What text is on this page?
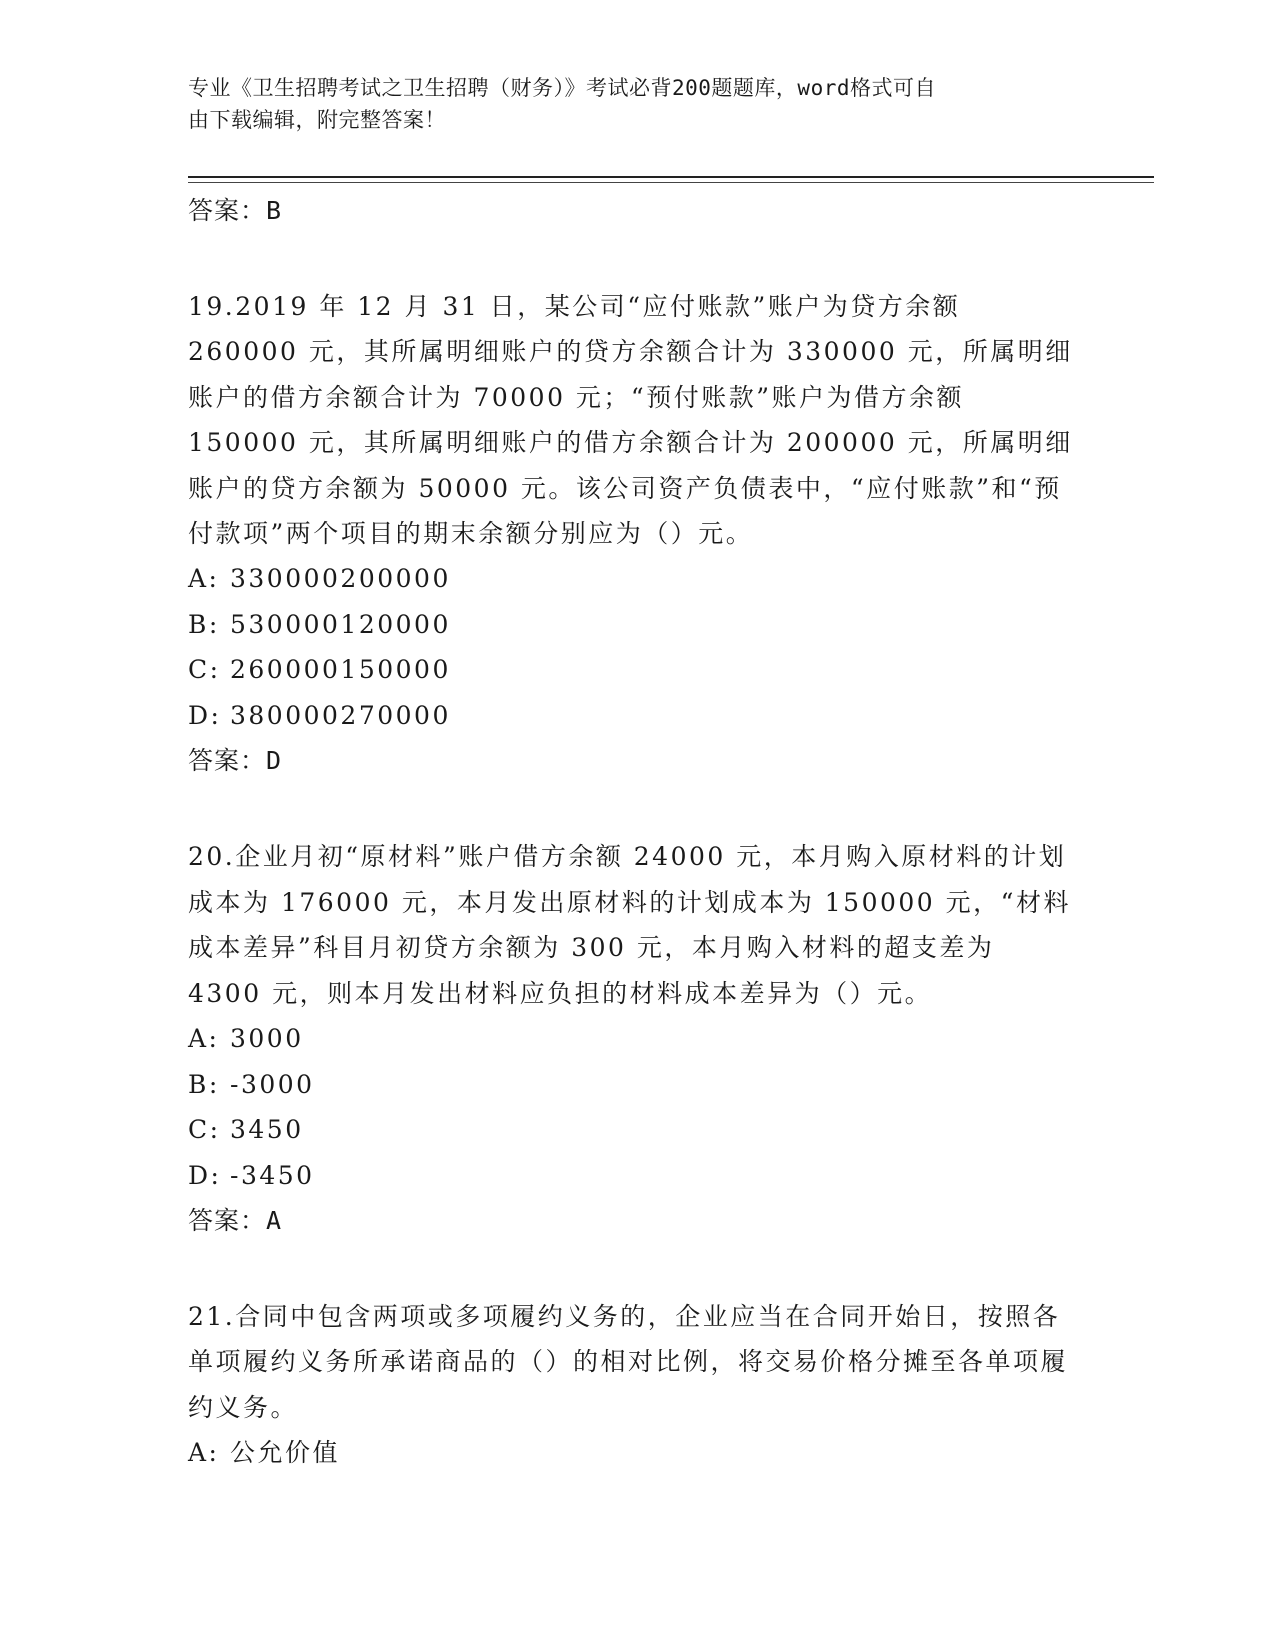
专业《卫生招聘考试之卫生招聘（财务）》考试必背200题题库，word格式可自
由下载编辑，附完整答案！
答案：B
19.2019 年 12 月 31 日，某公司“应付账款”账户为贷方余额 260000 元，其所属明细账户的贷方余额合计为 330000 元，所属明细账户的借方余额合计为 70000 元；“预付账款”账户为借方余额 150000 元，其所属明细账户的借方余额合计为 200000 元，所属明细账户的贷方余额为 50000 元。该公司资产负债表中，“应付账款”和“预付款项”两个项目的期末余额分别应为（）元。
A: 330000200000
B: 530000120000
C: 260000150000
D: 380000270000
答案：D
20.企业月初“原材料”账户借方余额 24000 元，本月购入原材料的计划成本为 176000 元，本月发出原材料的计划成本为 150000 元，“材料成本差异”科目月初贷方余额为 300 元，本月购入材料的超支差为 4300 元，则本月发出材料应负担的材料成本差异为（）元。
A: 3000
B: -3000
C: 3450
D: -3450
答案：A
21.合同中包含两项或多项履约义务的，企业应当在合同开始日，按照各单项履约义务所承诺商品的（）的相对比例，将交易价格分摊至各单项履约义务。
A: 公允价值
